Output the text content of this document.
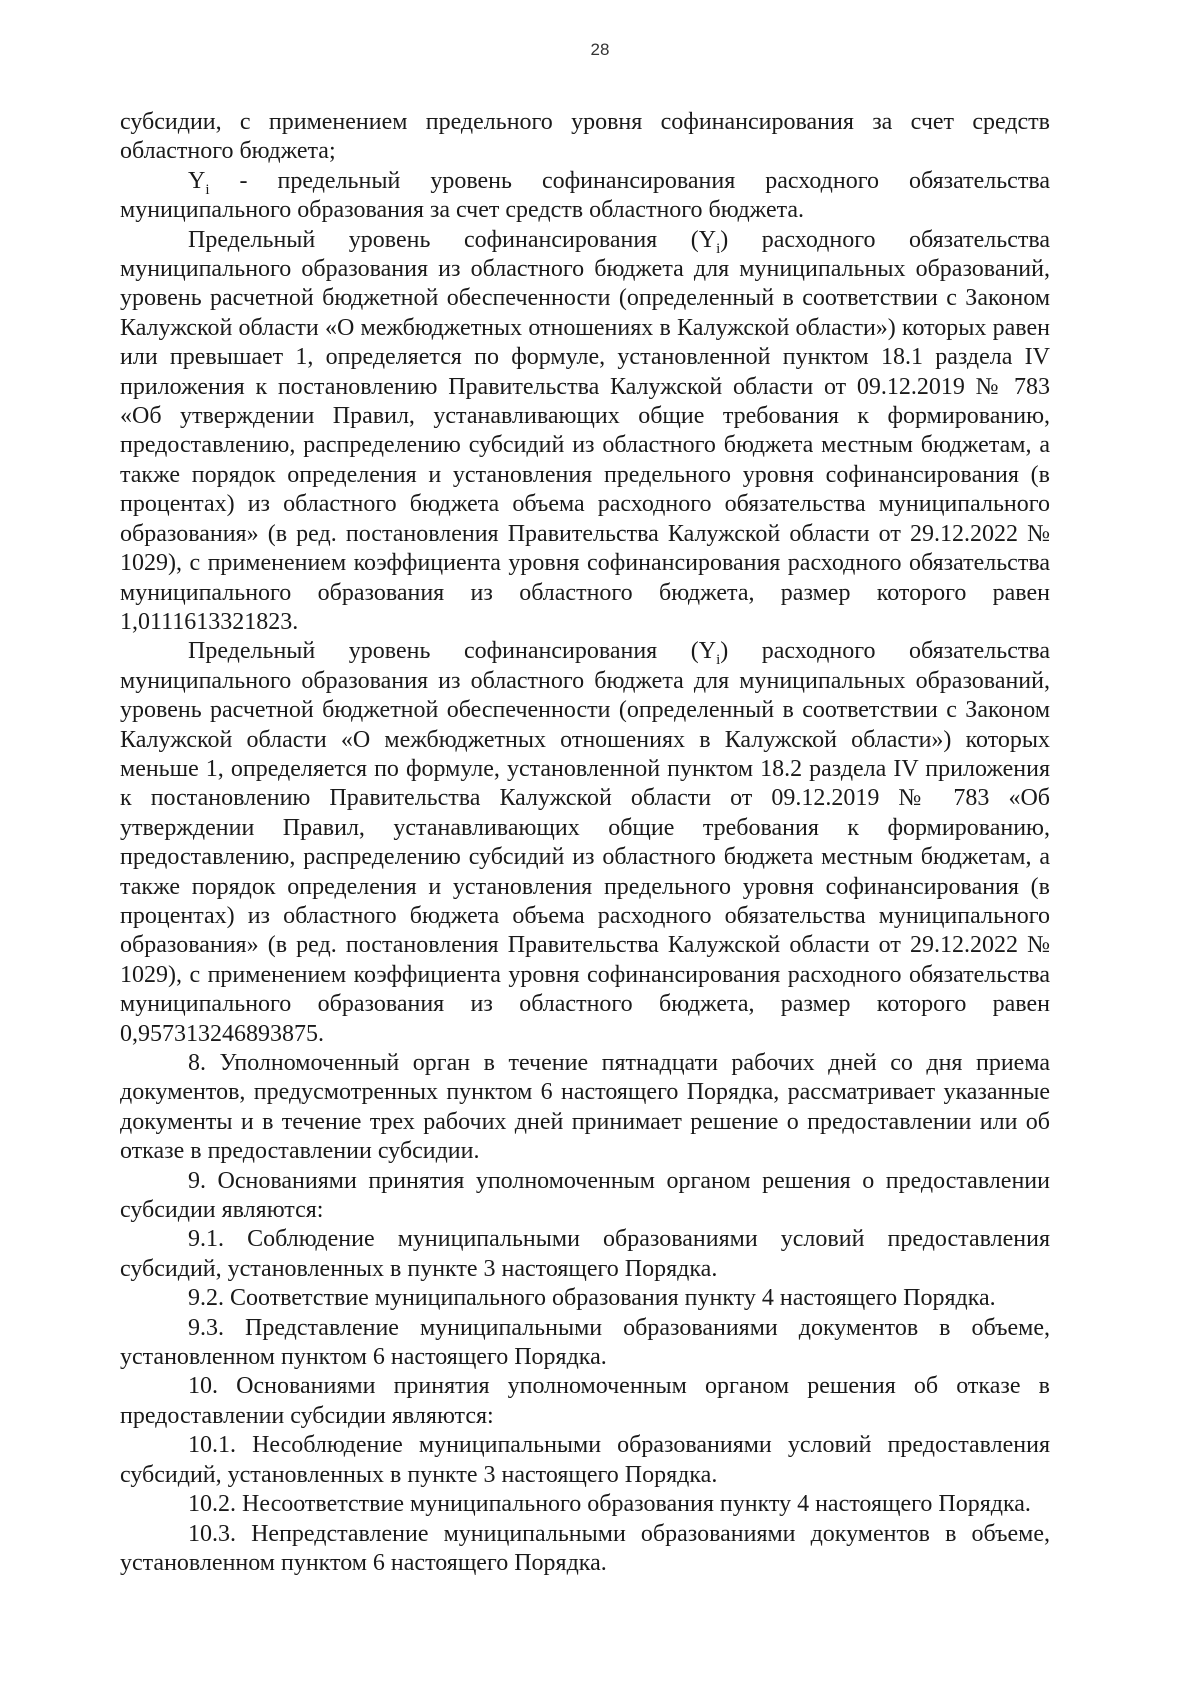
28

субсидии, с применением предельного уровня софинансирования за счет средств областного бюджета;

$Y_i$ - предельный уровень софинансирования расходного обязательства муниципального образования за счет средств областного бюджета.

Предельный уровень софинансирования $(Y_i)$ расходного обязательства муниципального образования из областного бюджета для муниципальных образований, уровень расчетной бюджетной обеспеченности (определенный в соответствии с Законом Калужской области «О межбюджетных отношениях в Калужской области») которых равен или превышает 1, определяется по формуле, установленной пунктом 18.1 раздела IV приложения к постановлению Правительства Калужской области от 09.12.2019 № 783 «Об утверждении Правил, устанавливающих общие требования к формированию, предоставлению, распределению субсидий из областного бюджета местным бюджетам, а также порядок определения и установления предельного уровня софинансирования (в процентах) из областного бюджета объема расходного обязательства муниципального образования» (в ред. постановления Правительства Калужской области от 29.12.2022 № 1029), с применением коэффициента уровня софинансирования расходного обязательства муниципального образования из областного бюджета, размер которого равен 1,0111613321823.

Предельный уровень софинансирования $(Y_i)$ расходного обязательства муниципального образования из областного бюджета для муниципальных образований, уровень расчетной бюджетной обеспеченности (определенный в соответствии с Законом Калужской области «О межбюджетных отношениях в Калужской области») которых меньше 1, определяется по формуле, установленной пунктом 18.2 раздела IV приложения к постановлению Правительства Калужской области от 09.12.2019 № 783 «Об утверждении Правил, устанавливающих общие требования к формированию, предоставлению, распределению субсидий из областного бюджета местным бюджетам, а также порядок определения и установления предельного уровня софинансирования (в процентах) из областного бюджета объема расходного обязательства муниципального образования» (в ред. постановления Правительства Калужской области от 29.12.2022 № 1029), с применением коэффициента уровня софинансирования расходного обязательства муниципального образования из областного бюджета, размер которого равен 0,957313246893875.

8. Уполномоченный орган в течение пятнадцати рабочих дней со дня приема документов, предусмотренных пунктом 6 настоящего Порядка, рассматривает указанные документы и в течение трех рабочих дней принимает решение о предоставлении или об отказе в предоставлении субсидии.

9. Основаниями принятия уполномоченным органом решения о предоставлении субсидии являются:

9.1. Соблюдение муниципальными образованиями условий предоставления субсидий, установленных в пункте 3 настоящего Порядка.

9.2. Соответствие муниципального образования пункту 4 настоящего Порядка.

9.3. Представление муниципальными образованиями документов в объеме, установленном пунктом 6 настоящего Порядка.

10. Основаниями принятия уполномоченным органом решения об отказе в предоставлении субсидии являются:

10.1. Несоблюдение муниципальными образованиями условий предоставления субсидий, установленных в пункте 3 настоящего Порядка.

10.2. Несоответствие муниципального образования пункту 4 настоящего Порядка.

10.3. Непредставление муниципальными образованиями документов в объеме, установленном пунктом 6 настоящего Порядка.
